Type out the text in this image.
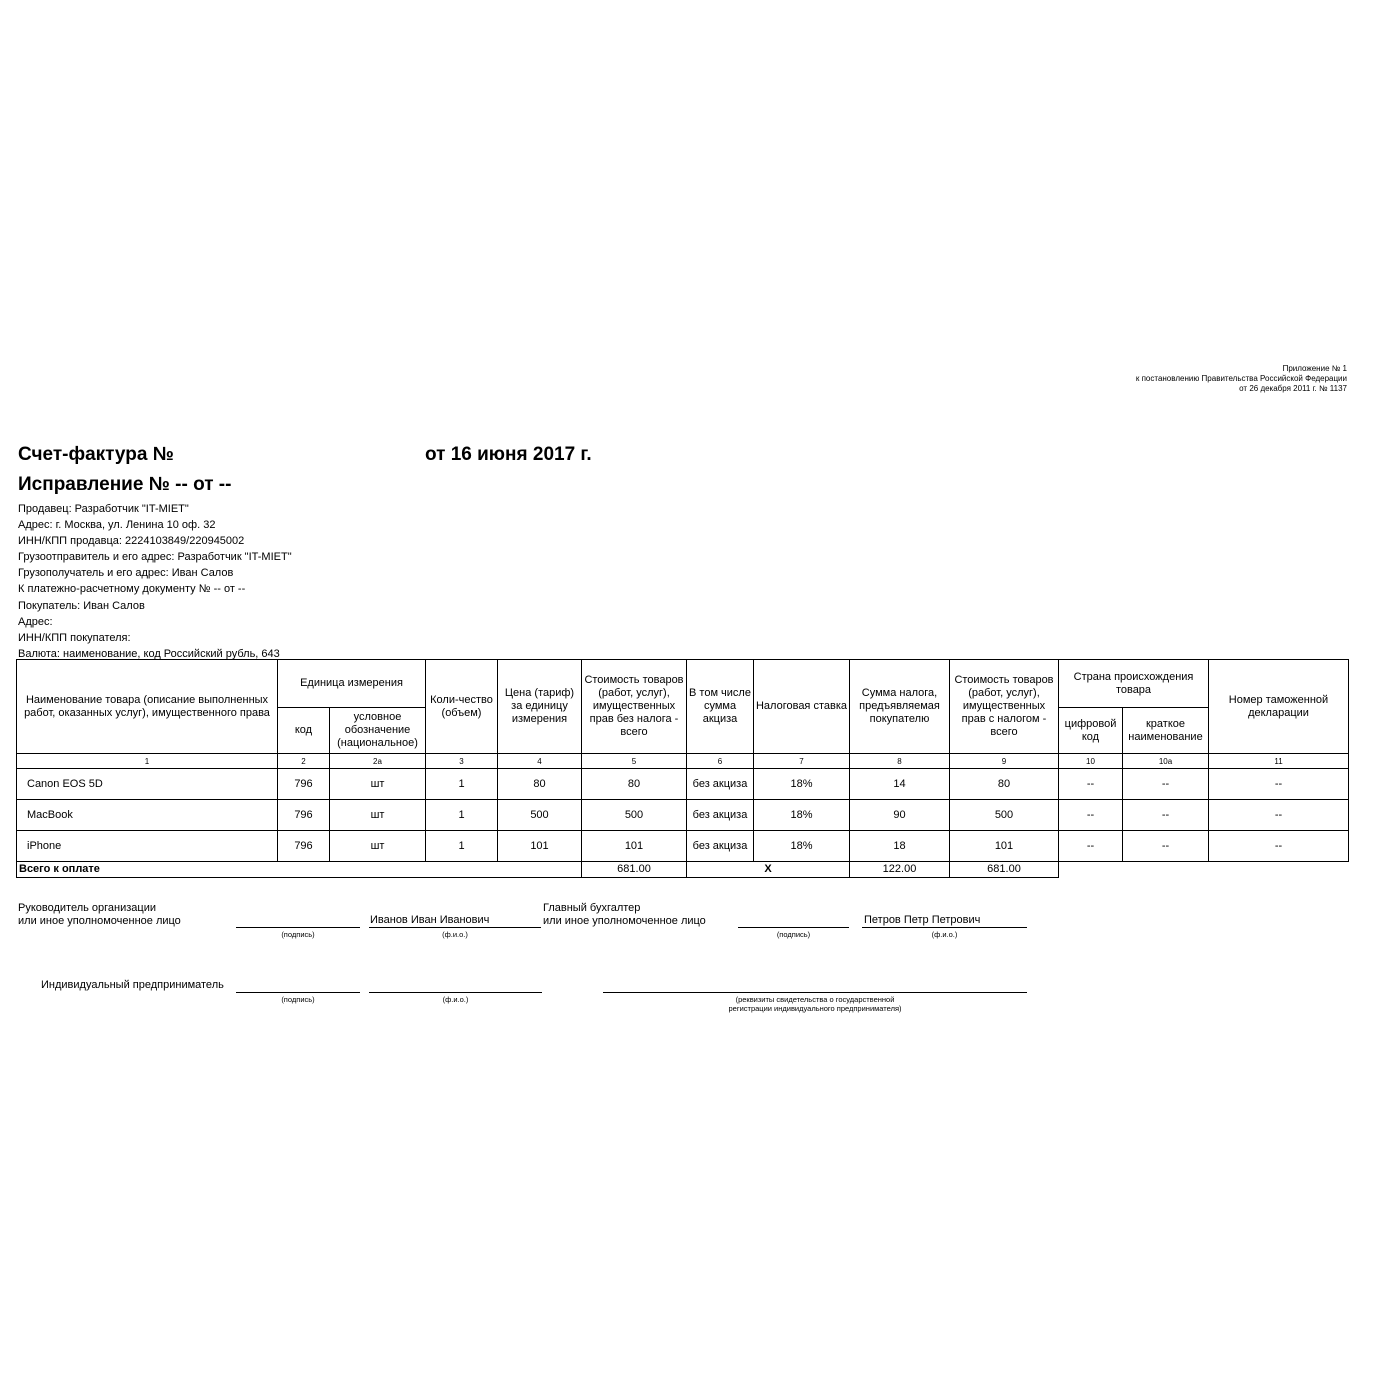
Приложение № 1
к постановлению Правительства Российской Федерации
от 26 декабря 2011 г. № 1137
Счет-фактура №	от 16 июня 2017 г.
Исправление № -- от --
Продавец: Разработчик "IT-MIET"
Адрес: г. Москва, ул. Ленина 10 оф. 32
ИНН/КПП продавца: 2224103849/220945002
Грузоотправитель и его адрес: Разработчик "IT-MIET"
Грузополучатель и его адрес: Иван Салов
К платежно-расчетному документу № -- от --
Покупатель: Иван Салов
Адрес:
ИНН/КПП покупателя:
Валюта: наименование, код Российский рубль, 643
Наименование товара (описание выполненных работ, оказанных услуг), имущественного права	Единица измерения		Коли-чество (объем)	Цена (тариф) за единицу измерения	Стоимость товаров (работ, услуг), имущественных прав без налога - всего	В том числе сумма акциза	Налоговая ставка	Сумма налога, предъявляемая покупателю	Стоимость товаров (работ, услуг), имущественных прав с налогом - всего	Страна происхождения товара		Номер таможенной декларации
	код	условное обозначение (национальное)								цифровой код	краткое наименование	
1	2	2а	3	4	5	6	7	8	9	10	10а	11
Canon EOS 5D	796	шт	1	80	80	без акциза	18%	14	80	--	--	--
MacBook	796	шт	1	500	500	без акциза	18%	90	500	--	--	--
iPhone	796	шт	1	101	101	без акциза	18%	18	101	--	--	--
Всего к оплате					681.00	Х		122.00	681.00			
Руководитель организации
или иное уполномоченное лицо
(подпись)
Иванов Иван Иванович
(ф.и.о.)
Главный бухгалтер
или иное уполномоченное лицо
(подпись)
Петров Петр Петрович
(ф.и.о.)
Индивидуальный предприниматель
(подпись)	(ф.и.о.)	(реквизиты свидетельства о государственной
регистрации индивидуального предпринимателя)
